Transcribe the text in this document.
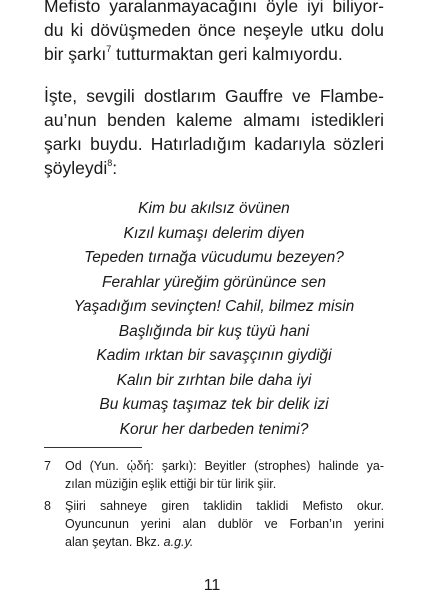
Mefisto yaralanmayacağını öyle iyi biliyor-
du ki dövüşmeden önce neşeyle utku dolu
bir şarkı$^7$ tutturmaktan geri kalmıyordu.
İşte, sevgili dostlarım Gauffre ve Flambe-
au’nun benden kaleme almamı istedikleri
şarkı buydu. Hatırladığım kadarıyla sözleri
şöyleydi$^8$:
Kim bu akılsız övünen
Kızıl kumaşı delerim diyen
Tepeden tırnağa vücudumu bezeyen?
Ferahlar yüreğim görününce sen
Yaşadığım sevinçten! Cahil, bilmez misin
Başlığında bir kuş tüyü hani
Kadim ırktan bir savaşçının giydiği
Kalın bir zırhtan bile daha iyi
Bu kumaş taşımaz tek bir delik izi
Korur her darbeden tenimi?
7 Od (Yun. ᾠδή: şarkı): Beyitler (strophes) halinde ya-
zılan müziğin eşlik ettiği bir tür lirik şiir.
8 Şiiri sahneye giren taklidin taklidi Mefisto okur.
Oyuncunun yerini alan dublör ve Forban’ın yerini
alan şeytan. Bkz. a.g.y.
11
